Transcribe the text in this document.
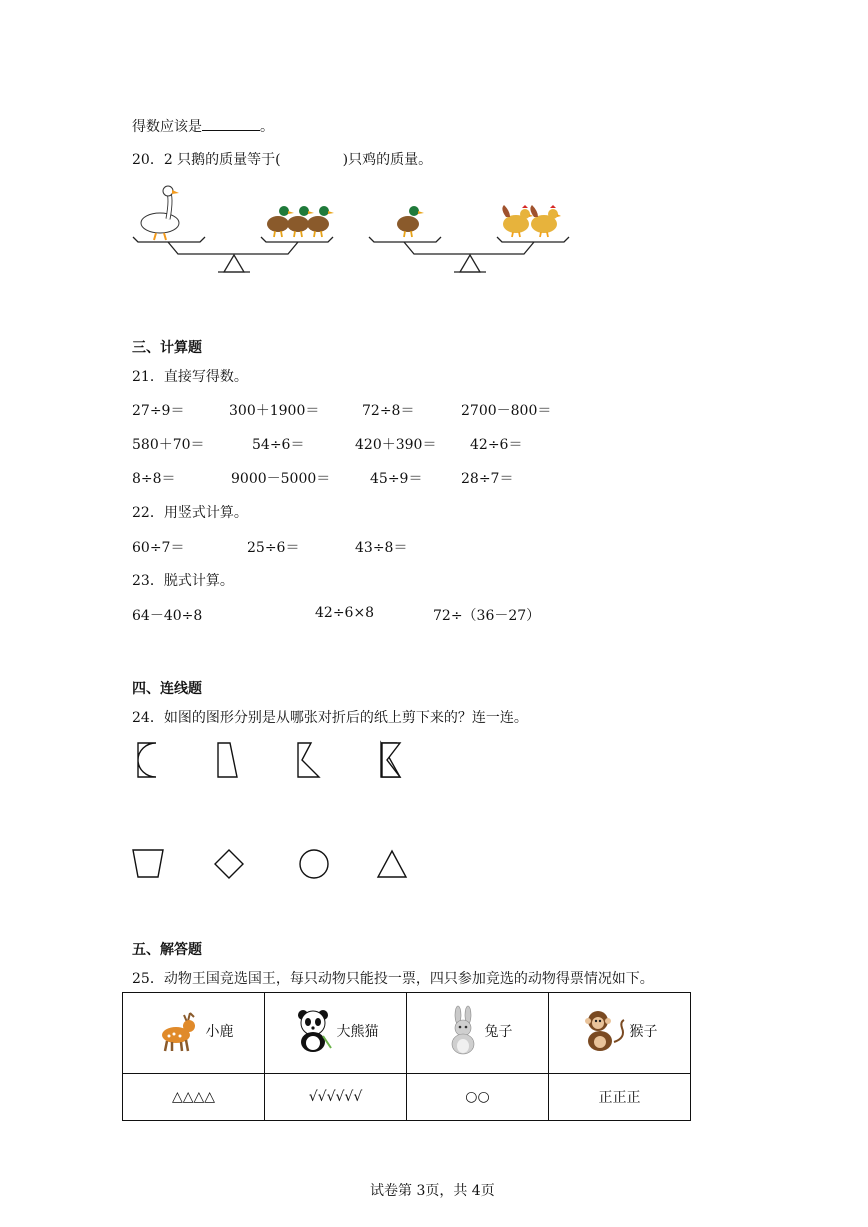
得数应该是	。
20．2 只鹅的质量等于(	)只鸡的质量。
三、计算题
21．直接写得数。
27÷9＝	300＋1900＝	72÷8＝	2700－800＝
580＋70＝	54÷6＝	420＋390＝ 42÷6＝
8÷8＝	9000－5000＝	45÷9＝	28÷7＝
22．用竖式计算。
60÷7＝	25÷6＝	43÷8＝
23．脱式计算。
64－40÷8	42÷6×8	72÷（36－27）
四、连线题
24．如图的图形分别是从哪张对折后的纸上剪下来的？连一连。
五、解答题
25．动物王国竞选国王，每只动物只能投一票，四只参加竞选的动物得票情况如下。
小鹿	大熊猫	兔子	猴子

△△△△	√√√√√√	○○	正正正
试卷第 3页，共 4页
